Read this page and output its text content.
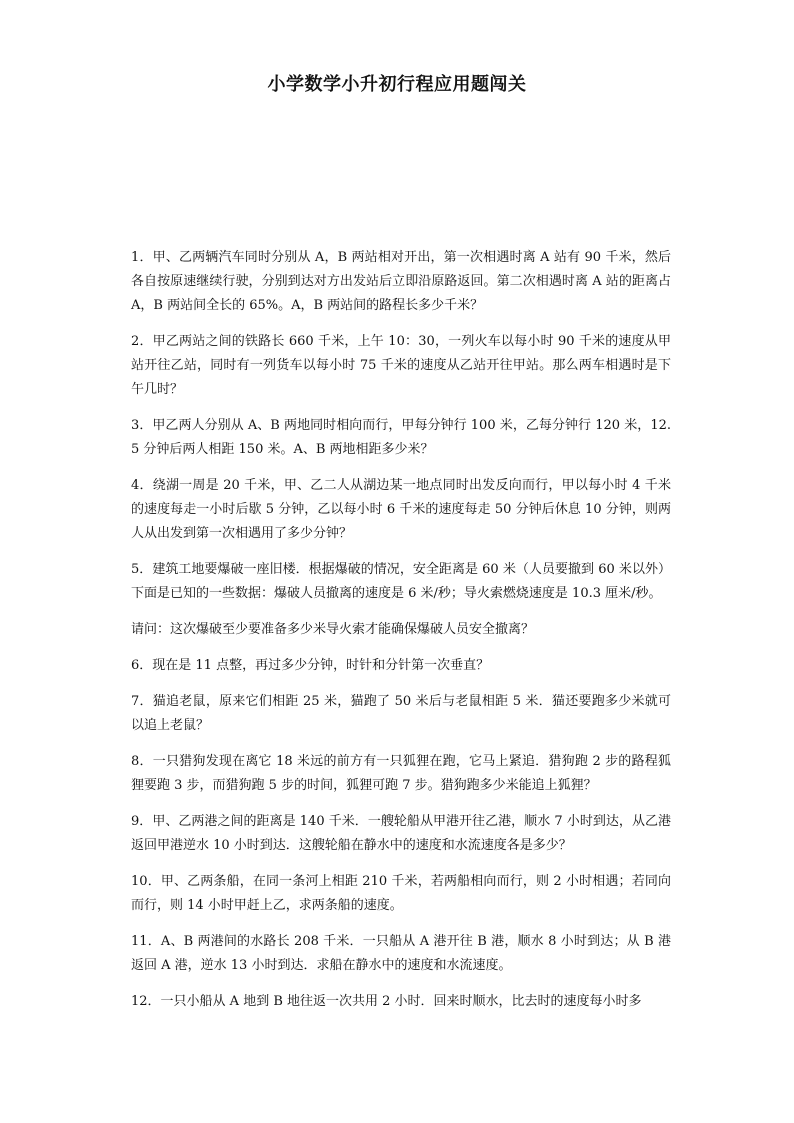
小学数学小升初行程应用题闯关

1．甲、乙两辆汽车同时分别从 A，B 两站相对开出，第一次相遇时离 A 站有 90 千米，然后各自按原速继续行驶，分别到达对方出发站后立即沿原路返回。第二次相遇时离 A 站的距离占 A，B 两站间全长的 65%。A，B 两站间的路程长多少千米？

2．甲乙两站之间的铁路长 660 千米，上午 10：30，一列火车以每小时 90 千米的速度从甲站开往乙站，同时有一列货车以每小时 75 千米的速度从乙站开往甲站。那么两车相遇时是下午几时？

3．甲乙两人分别从 A、B 两地同时相向而行，甲每分钟行 100 米，乙每分钟行 120 米，12.5 分钟后两人相距 150 米。A、B 两地相距多少米？

4．绕湖一周是 20 千米，甲、乙二人从湖边某一地点同时出发反向而行，甲以每小时 4 千米的速度每走一小时后歇 5 分钟，乙以每小时 6 千米的速度每走 50 分钟后休息 10 分钟，则两人从出发到第一次相遇用了多少分钟？

5．建筑工地要爆破一座旧楼．根据爆破的情况，安全距离是 60 米（人员要撤到 60 米以外）下面是已知的一些数据：爆破人员撤离的速度是 6 米/秒；导火索燃烧速度是 10.3 厘米/秒。

请问：这次爆破至少要准备多少米导火索才能确保爆破人员安全撤离？

6．现在是 11 点整，再过多少分钟，时针和分针第一次垂直？

7．猫追老鼠，原来它们相距 25 米，猫跑了 50 米后与老鼠相距 5 米．猫还要跑多少米就可以追上老鼠？

8．一只猎狗发现在离它 18 米远的前方有一只狐狸在跑，它马上紧追．猎狗跑 2 步的路程狐狸要跑 3 步，而猎狗跑 5 步的时间，狐狸可跑 7 步。猎狗跑多少米能追上狐狸？

9．甲、乙两港之间的距离是 140 千米．一艘轮船从甲港开往乙港，顺水 7 小时到达，从乙港返回甲港逆水 10 小时到达．这艘轮船在静水中的速度和水流速度各是多少？

10．甲、乙两条船，在同一条河上相距 210 千米，若两船相向而行，则 2 小时相遇；若同向而行，则 14 小时甲赶上乙，求两条船的速度。

11．A、B 两港间的水路长 208 千米．一只船从 A 港开往 B 港，顺水 8 小时到达；从 B 港返回 A 港，逆水 13 小时到达．求船在静水中的速度和水流速度。

12．一只小船从 A 地到 B 地往返一次共用 2 小时．回来时顺水，比去时的速度每小时多
